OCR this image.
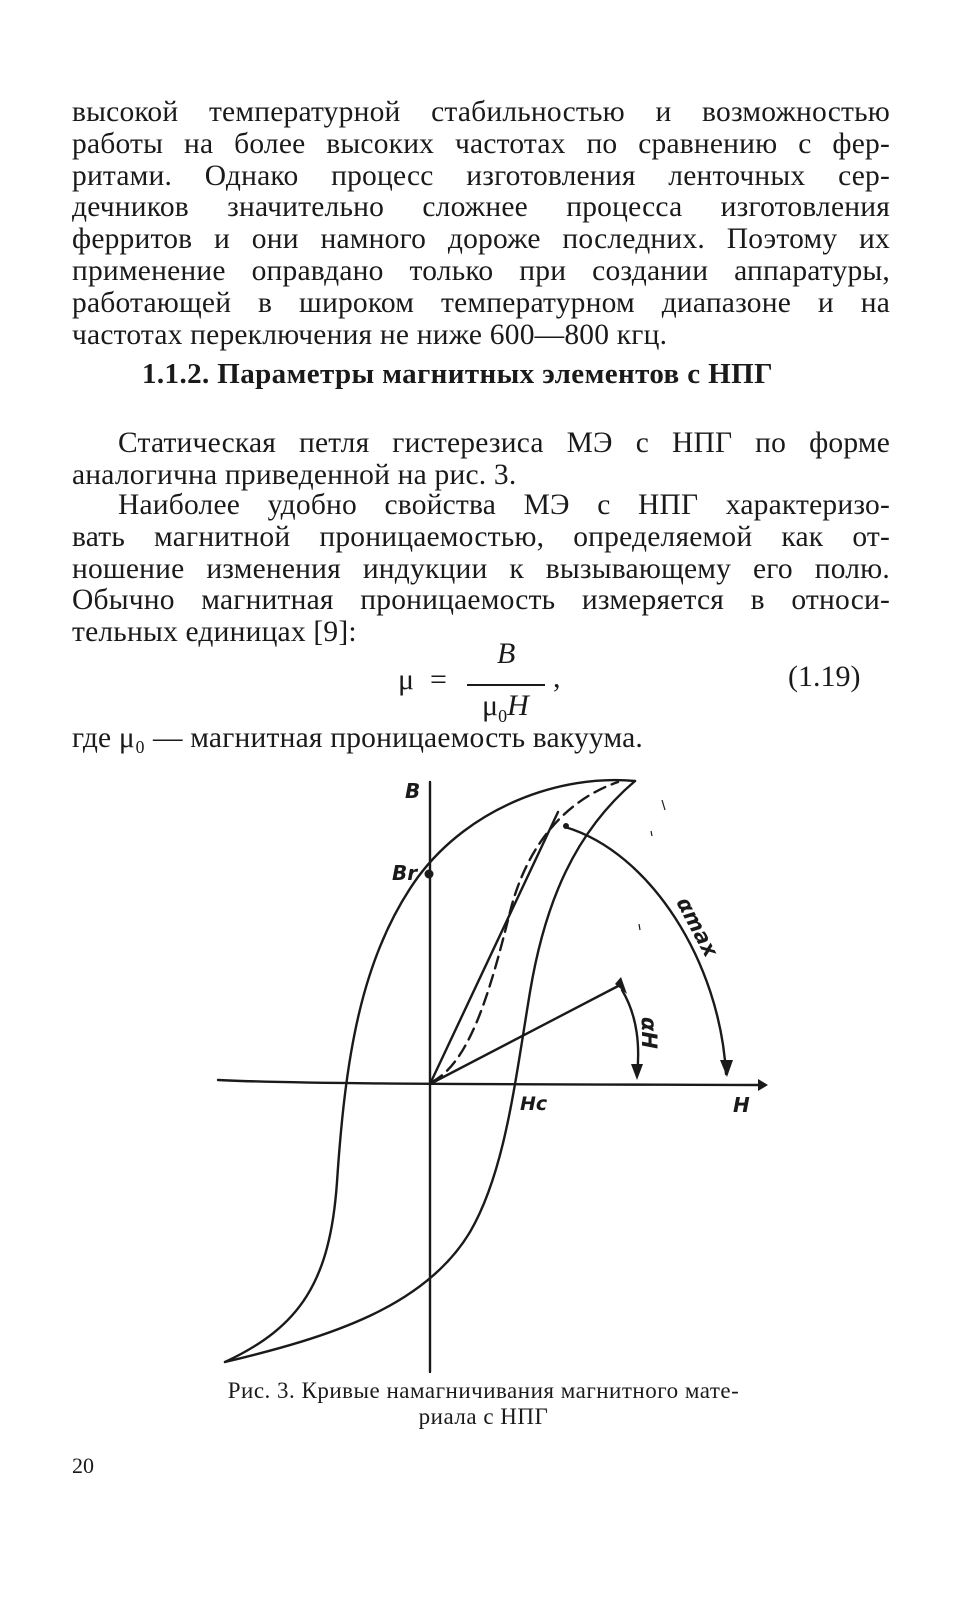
высокой температурной стабильностью и возможностью
работы на более высоких частотах по сравнению с фер-
ритами. Однако процесс изготовления ленточных сер-
дечников значительно сложнее процесса изготовления
ферритов и они намного дороже последних. Поэтому их
применение оправдано только при создании аппаратуры,
работающей в широком температурном диапазоне и на
частотах переключения не ниже 600—800 кгц.
1.1.2. Параметры магнитных элементов с НПГ
Статическая петля гистерезиса МЭ с НПГ по форме
аналогична приведенной на рис. 3.
Наиболее удобно свойства МЭ с НПГ характеризо-
вать магнитной проницаемостью, определяемой как от-
ношение изменения индукции к вызывающему его полю.
Обычно магнитная проницаемость измеряется в относи-
тельных единицах [9]:
μ =
B
$\mu_0H$
,	(1.19)
где μ₀ — магнитная проницаемость вакуума.
B
Br
Hc	H
αmax
αH
Рис. 3. Кривые намагничивания магнитного мате-
риала с НПГ
20
